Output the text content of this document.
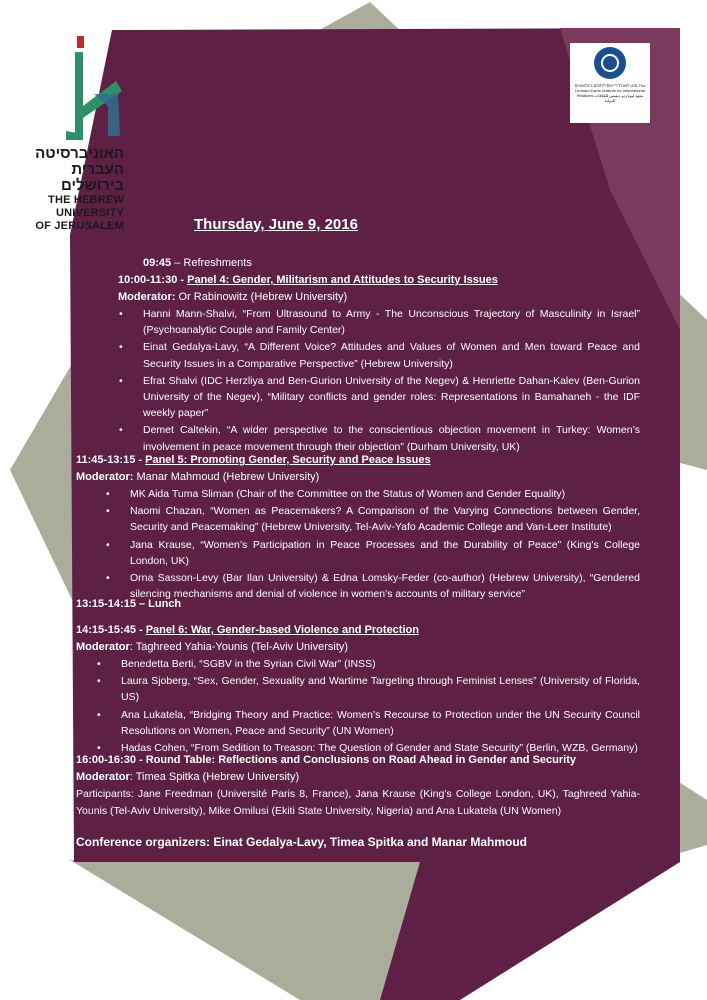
האוניברסיטה
העברית
בירושלים
THE HEBREW
UNIVERSITY
OF JERUSALEM
מכון לאונרד דייוויס ליחסים בינלאומיים The Leonard Davis Institute for International Relations معهد ليوناردو ديفيس للعلاقات الدولية
Thursday, June 9, 2016
09:45 – Refreshments
10:00-11:30 - Panel 4: Gender, Militarism and Attitudes to Security Issues
Moderator: Or Rabinowitz (Hebrew University)
• Hanni Mann-Shalvi, “From Ultrasound to Army - The Unconscious Trajectory of Masculinity in Israel” (Psychoanalytic Couple and Family Center)
• Einat Gedalya-Lavy, “A Different Voice? Attitudes and Values of Women and Men toward Peace and Security Issues in a Comparative Perspective” (Hebrew University)
• Efrat Shalvi (IDC Herzliya and Ben-Gurion University of the Negev) & Henriette Dahan-Kalev (Ben-Gurion University of the Negev), “Military conflicts and gender roles: Representations in Bamahaneh - the IDF weekly paper”
• Demet Caltekin, “A wider perspective to the conscientious objection movement in Turkey: Women’s involvement in peace movement through their objection” (Durham University, UK)
11:45-13:15 - Panel 5: Promoting Gender, Security and Peace Issues
Moderator: Manar Mahmoud (Hebrew University)
• MK Aida Tuma Sliman (Chair of the Committee on the Status of Women and Gender Equality)
• Naomi Chazan, “Women as Peacemakers? A Comparison of the Varying Connections between Gender, Security and Peacemaking” (Hebrew University, Tel-Aviv-Yafo Academic College and Van-Leer Institute)
• Jana Krause, “Women’s Participation in Peace Processes and the Durability of Peace” (King’s College London, UK)
• Orna Sasson-Levy (Bar Ilan University) & Edna Lomsky-Feder (co-author) (Hebrew University), “Gendered silencing mechanisms and denial of violence in women’s accounts of military service”
13:15-14:15 – Lunch
14:15-15:45 - Panel 6: War, Gender-based Violence and Protection
Moderator: Taghreed Yahia-Younis (Tel-Aviv University)
• Benedetta Berti, “SGBV in the Syrian Civil War” (INSS)
• Laura Sjoberg, “Sex, Gender, Sexuality and Wartime Targeting through Feminist Lenses” (University of Florida, US)
• Ana Lukatela, “Bridging Theory and Practice: Women’s Recourse to Protection under the UN Security Council Resolutions on Women, Peace and Security” (UN Women)
• Hadas Cohen, “From Sedition to Treason: The Question of Gender and State Security” (Berlin, WZB, Germany)
16:00-16:30 - Round Table: Reflections and Conclusions on Road Ahead in Gender and Security
Moderator: Timea Spitka (Hebrew University)
Participants: Jane Freedman (Université Paris 8, France), Jana Krause (King’s College London, UK), Taghreed Yahia-Younis (Tel-Aviv University), Mike Omilusi (Ekiti State University, Nigeria) and Ana Lukatela (UN Women)
Conference organizers: Einat Gedalya-Lavy, Timea Spitka and Manar Mahmoud
